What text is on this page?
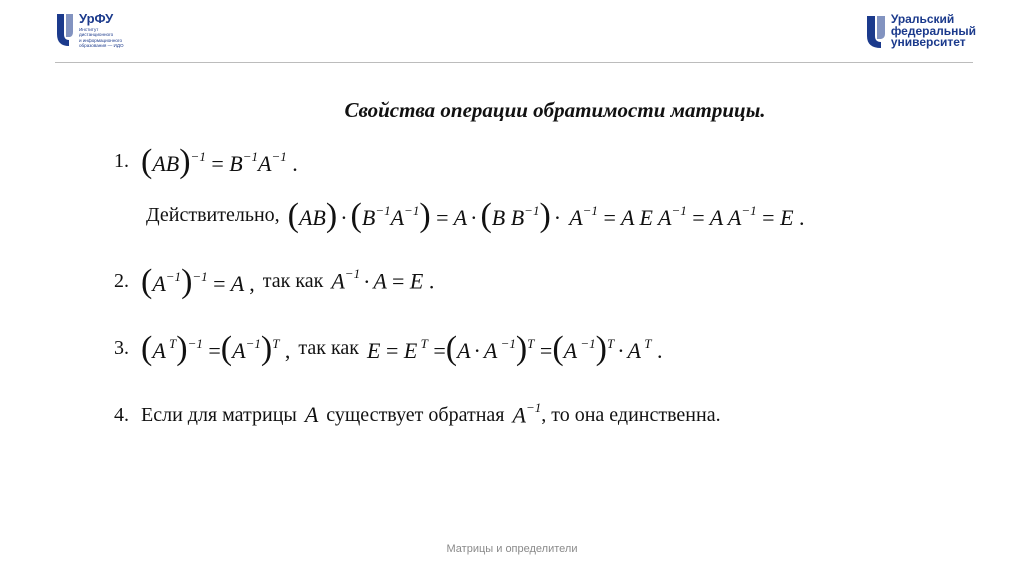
УрФУ
Институт
дистанционного
и информационного
образования — ИДО
Уральский
федеральный
университет
Свойства операции обратимости матрицы.
1. $(AB)^{-1} = B^{-1}A^{-1}$ .
Действительно, $(AB) \cdot(B^{-1}A^{-1}) = A \cdot(B$ $B^{-1}) \cdot A^{-1} = A$ E $A^{-1} = A$ $A^{-1} = E$ .
2. $(A^{-1})^{-1} = A$ , так как $A^{-1} \cdot A = E$ .
3. (A $^T)^{-1} =(A^{-1})^T$ , так как E = E $^T$ =(A · A $^{-1}$)$^T$ =(A $^{-1}$)$^T$ · A $^T$ .
4. Если для матрицы A существует обратная $A^{-1}$ , то она единственна.
Матрицы и определители
